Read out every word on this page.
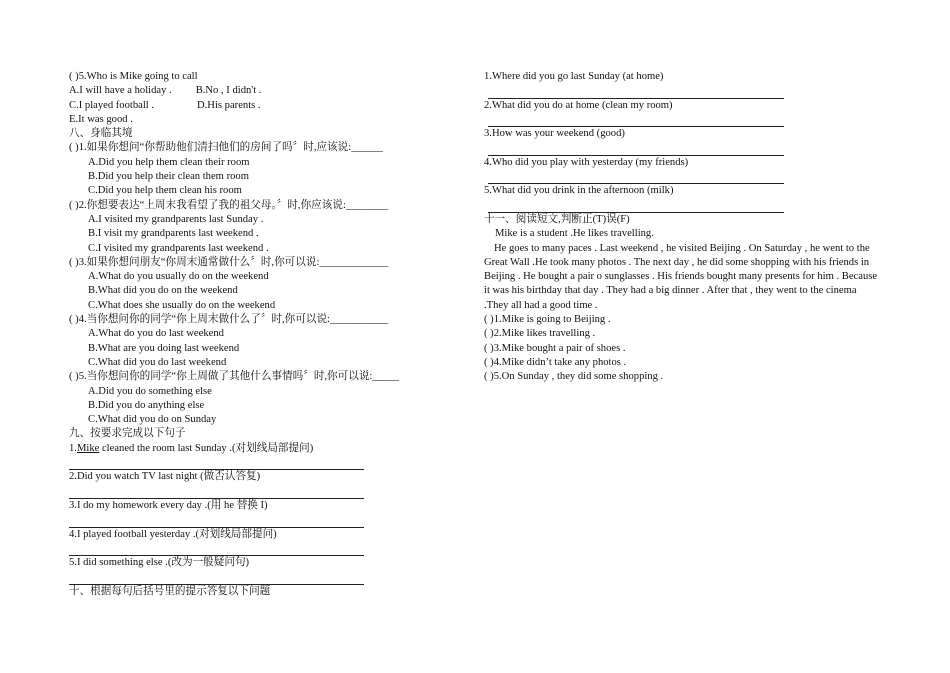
( )5.Who is Mike going to call
A.I will have a holiday . B.No , I didn't .
C.I played football .	D.His parents .
E.It was good .
八、身临其境
( )1.如果你想问“你帮助他们清扫他们的房间了吗〞时,应该说:______
A.Did you help them clean their room
B.Did you help their clean them room
C.Did you help them clean his room
( )2.你想要表达“上周末我看望了我的祖父母。〞时,你应该说:________
A.I visited my grandparents last Sunday .
B.I visit my grandparents last weekend .
C.I visited my grandparents last weekend .
( )3.如果你想问朋友“你周末通常做什么〞时,你可以说:_____________
A.What do you usually do on the weekend
B.What did you do on the weekend
C.What does she usually do on the weekend
( )4.当你想问你的同学“你上周末做什么了〞时,你可以说:___________
A.What do you do last weekend
B.What are you doing last weekend
C.What did you do last weekend
( )5.当你想问你的同学“你上周做了其他什么事情吗〞时,你可以说:_____
A.Did you do something else
B.Did you do anything else
C.What did you do on Sunday
九、按要求完成以下句子
1.Mike cleaned the room last Sunday .(对划线局部提问)
2.Did you watch TV last night (做否认答复)
3.I do my homework every day .(用 he 替换 I)
4.I played football yesterday .(对划线局部提问)
5.I did something else .(改为一般疑问句)
十、根据每句后括号里的提示答复以下问题
1.Where did you go last Sunday (at home)
2.What did you do at home (clean my room)
3.How was your weekend (good)
4.Who did you play with yesterday (my friends)
5.What did you drink in the afternoon (milk)
十一、阅读短文,判断正(T)误(F)
Mike is a student .He likes travelling.
He goes to many paces . Last weekend , he visited Beijing . On Saturday , he went to the Great Wall .He took many photos . The next day , he did some shopping with his friends in Beijing . He bought a pair o sunglasses . His friends bought many presents for him . Because it was his birthday that day . They had a big dinner . After that , they went to the cinema .They all had a good time .
( )1.Mike is going to Beijing .
( )2.Mike likes travelling .
( )3.Mike bought a pair of shoes .
( )4.Mike didn’t take any photos .
( )5.On Sunday , they did some shopping .
